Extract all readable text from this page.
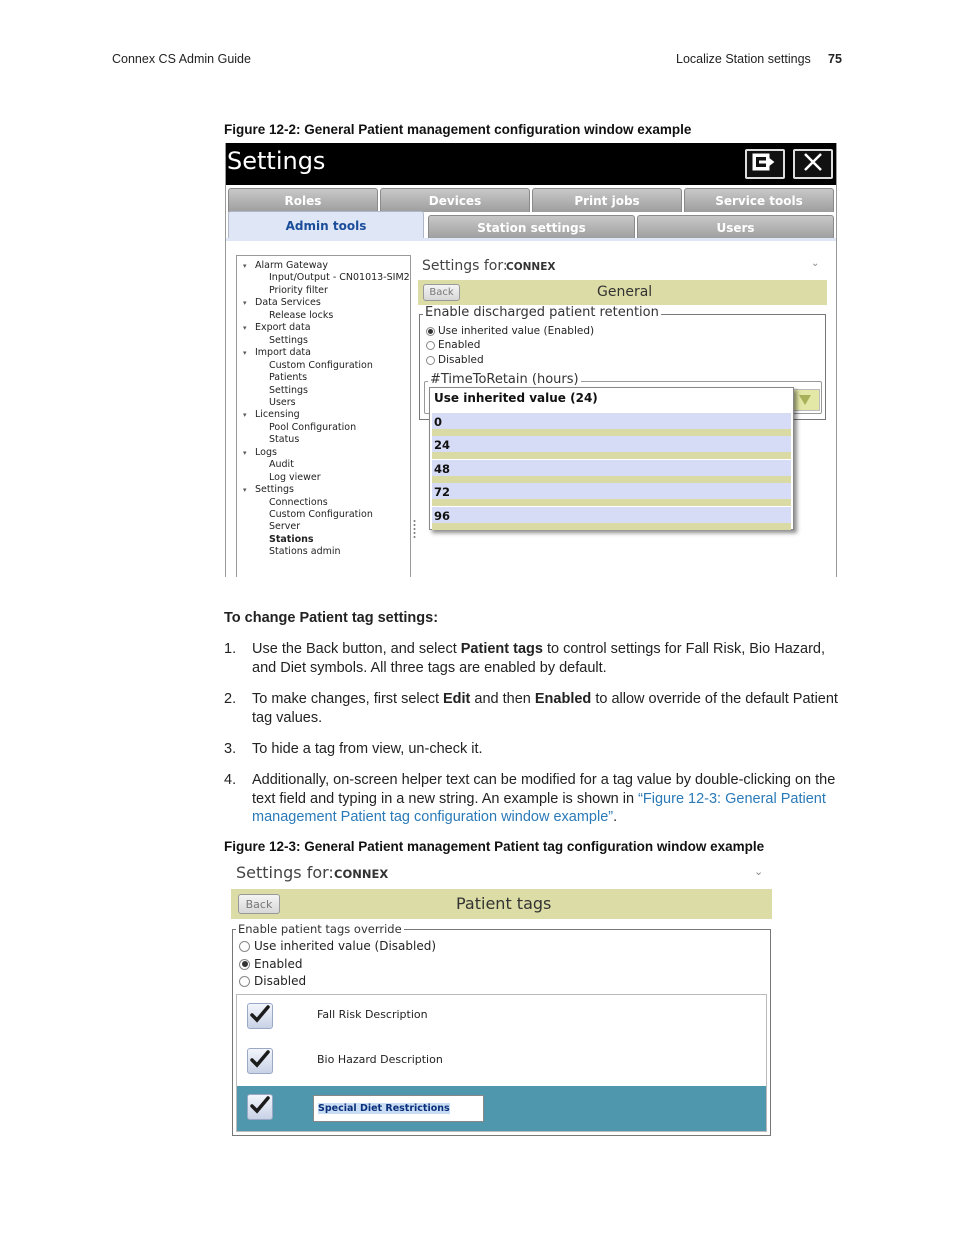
Connex CS Admin Guide	Localize Station settings 75
Figure 12-2: General Patient management configuration window example
Settings
Roles	Devices	Print jobs	Service tools
Admin tools	Station settings	Users
▾ Alarm Gateway
Input/Output - CN01013-SIM2
Priority filter
▾ Data Services
Release locks
▾ Export data
Settings
▾ Import data
Custom Configuration
Patients
Settings
Users
▾ Licensing
Pool Configuration
Status
▾ Logs
Audit
Log viewer
▾ Settings
Connections
Custom Configuration
Server
Stations
Stations admin
Settings for:
CONNEX	⌄
Back	General
Enable discharged patient retention
Use inherited value (Enabled)
Enabled
Disabled
#TimeToRetain (hours)
Use inherited value (24)
0
24
48
72
96
To change Patient tag settings:
1. Use the Back button, and select Patient tags to control settings for Fall Risk, Bio Hazard, and Diet symbols. All three tags are enabled by default.
2. To make changes, first select Edit and then Enabled to allow override of the default Patient tag values.
3. To hide a tag from view, un-check it.
4. Additionally, on-screen helper text can be modified for a tag value by double-clicking on the text field and typing in a new string. An example is shown in “Figure 12-3: General Patient management Patient tag configuration window example”.
Figure 12-3: General Patient management Patient tag configuration window example
Settings for: CONNEX	⌄
Back	Patient tags
Enable patient tags override
Use inherited value (Disabled)
Enabled
Disabled
Fall Risk Description
Bio Hazard Description
Special Diet Restrictions
